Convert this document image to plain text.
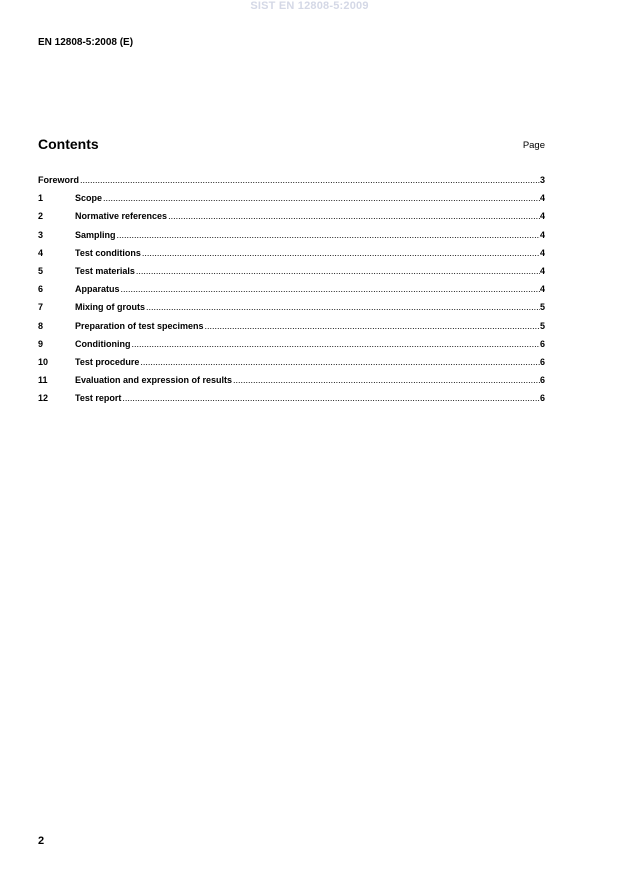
SIST EN 12808-5:2009
EN 12808-5:2008 (E)
Contents	Page
Foreword .....	3
1	Scope .....	4
2	Normative references .....	4
3	Sampling .....	4
4	Test conditions .....	4
5	Test materials .....	4
6	Apparatus .....	4
7	Mixing of grouts .....	5
8	Preparation of test specimens .....	5
9	Conditioning .....	6
10	Test procedure .....	6
11	Evaluation and expression of results .....	6
12	Test report .....	6
2
